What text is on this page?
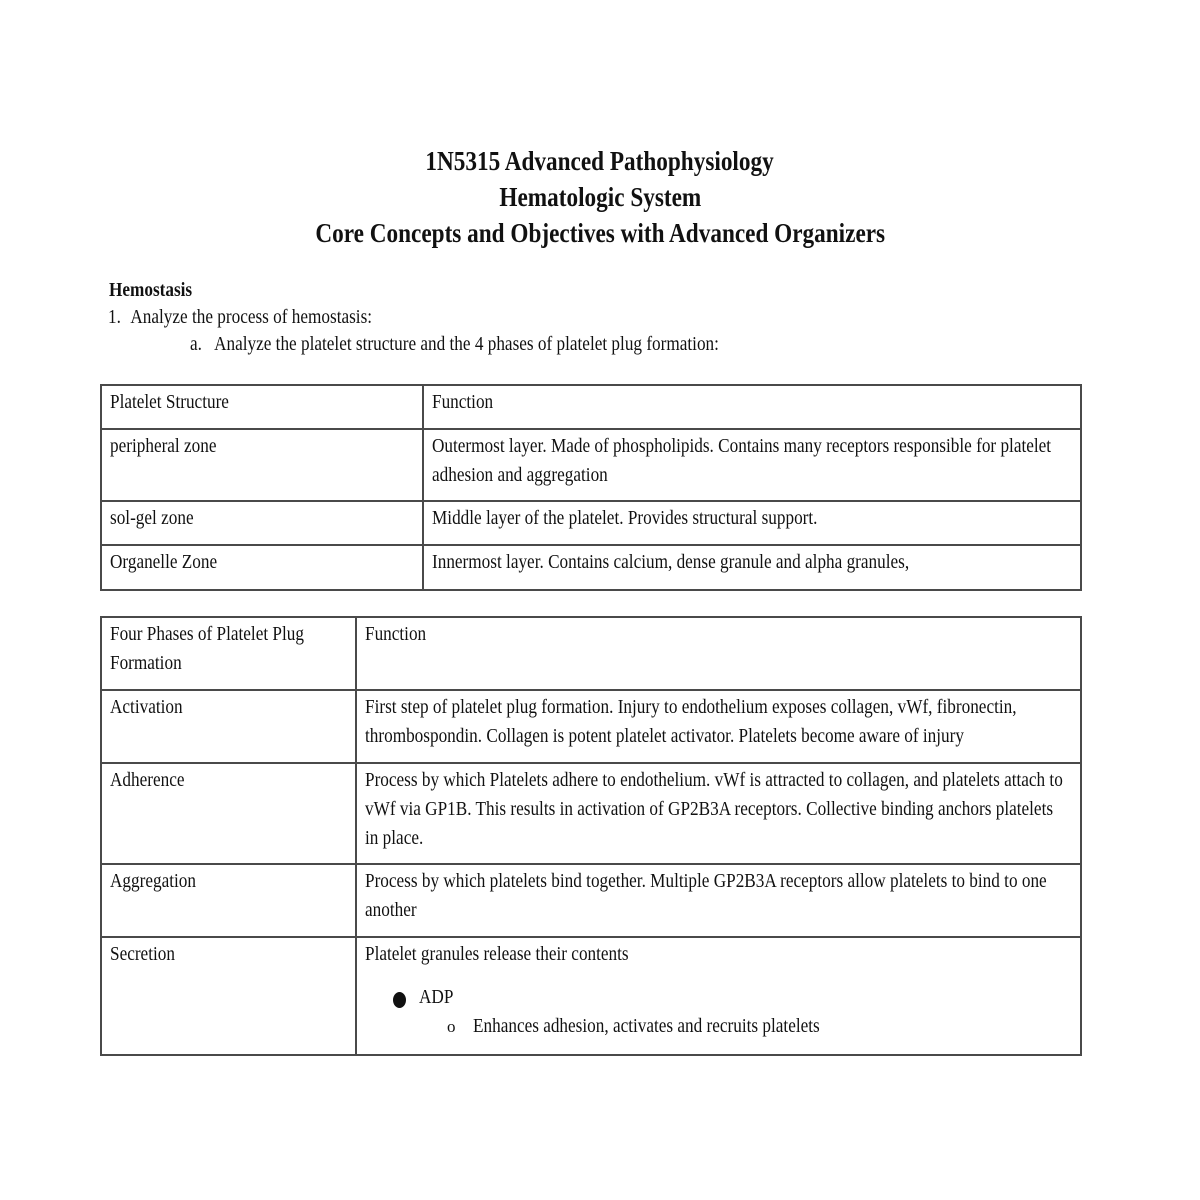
1N5315 Advanced Pathophysiology
Hematologic System
Core Concepts and Objectives with Advanced Organizers
Hemostasis
1. Analyze the process of hemostasis:
a. Analyze the platelet structure and the 4 phases of platelet plug formation:
Platelet Structure	Function

peripheral zone	Outermost layer. Made of phospholipids. Contains many receptors responsible for platelet adhesion and aggregation

sol-gel zone	Middle layer of the platelet. Provides structural support.

Organelle Zone	Innermost layer. Contains calcium, dense granule and alpha granules,
Four Phases of Platelet Plug Formation	Function

Activation	First step of platelet plug formation. Injury to endothelium exposes collagen, vWf, fibronectin, thrombospondin. Collagen is potent platelet activator. Platelets become aware of injury

Adherence	Process by which Platelets adhere to endothelium. vWf is attracted to collagen, and platelets attach to vWf via GP1B. This results in activation of GP2B3A receptors. Collective binding anchors platelets in place.

Aggregation	Process by which platelets bind together. Multiple GP2B3A receptors allow platelets to bind to one another

Secretion	Platelet granules release their contents
ADP
o Enhances adhesion, activates and recruits platelets
